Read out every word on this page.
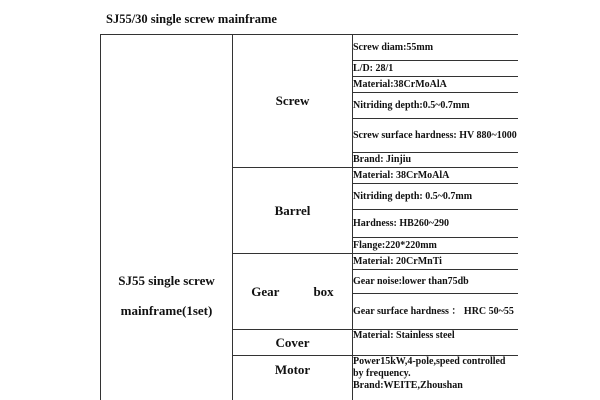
SJ55/30 single screw mainframe
SJ55 single screw
mainframe(1set)	Screw	Screw diam:55mm
		L/D: 28/1
		Material:38CrMoAlA
		Nitriding depth:0.5~0.7mm
		Screw surface hardness: HV 880~1000
		Brand: Jinjiu
	Barrel	Material: 38CrMoAlA
		Nitriding depth: 0.5~0.7mm
		Hardness: HB260~290
		Flange:220*220mm
	Gear box	Material: 20CrMnTi
		Gear noise:lower than75db
		Gear surface hardness ： HRC 50~55
	Cover	Material: Stainless steel
	Motor	Power15kW,4-pole,speed controlled by frequency.
Brand:WEITE,Zhoushan
